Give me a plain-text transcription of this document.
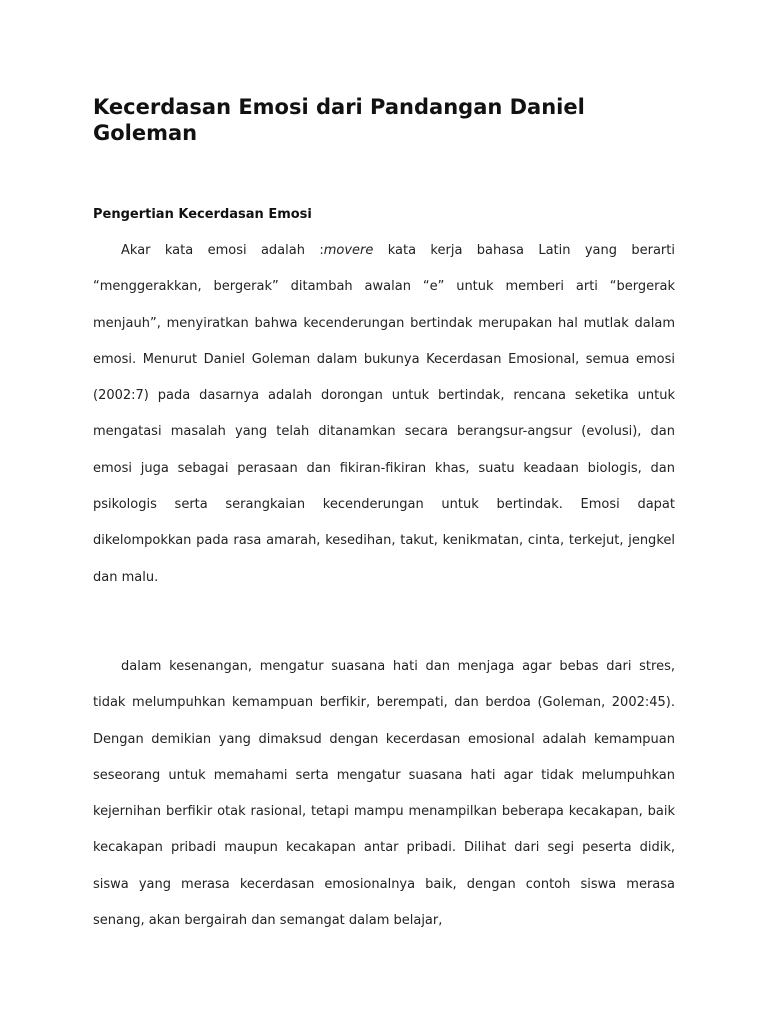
Kecerdasan Emosi dari Pandangan Daniel Goleman
Pengertian Kecerdasan Emosi

Akar kata emosi adalah :movere kata kerja bahasa Latin yang berarti “menggerakkan, bergerak” ditambah awalan “e” untuk memberi arti “bergerak menjauh”, menyiratkan bahwa kecenderungan bertindak merupakan hal mutlak dalam emosi. Menurut Daniel Goleman dalam bukunya Kecerdasan Emosional, semua emosi (2002:7) pada dasarnya adalah dorongan untuk bertindak, rencana seketika untuk mengatasi masalah yang telah ditanamkan secara berangsur-angsur (evolusi), dan emosi juga sebagai perasaan dan fikiran-fikiran khas, suatu keadaan biologis, dan psikologis serta serangkaian kecenderungan untuk bertindak. Emosi dapat dikelompokkan pada rasa amarah, kesedihan, takut, kenikmatan, cinta, terkejut, jengkel dan malu.

dalam kesenangan, mengatur suasana hati dan menjaga agar bebas dari stres, tidak melumpuhkan kemampuan berfikir, berempati, dan berdoa (Goleman, 2002:45). Dengan demikian yang dimaksud dengan kecerdasan emosional adalah kemampuan seseorang untuk memahami serta mengatur suasana hati agar tidak melumpuhkan kejernihan berfikir otak rasional, tetapi mampu menampilkan beberapa kecakapan, baik kecakapan pribadi maupun kecakapan antar pribadi. Dilihat dari segi peserta didik, siswa yang merasa kecerdasan emosionalnya baik, dengan contoh siswa merasa senang, akan bergairah dan semangat dalam belajar,
